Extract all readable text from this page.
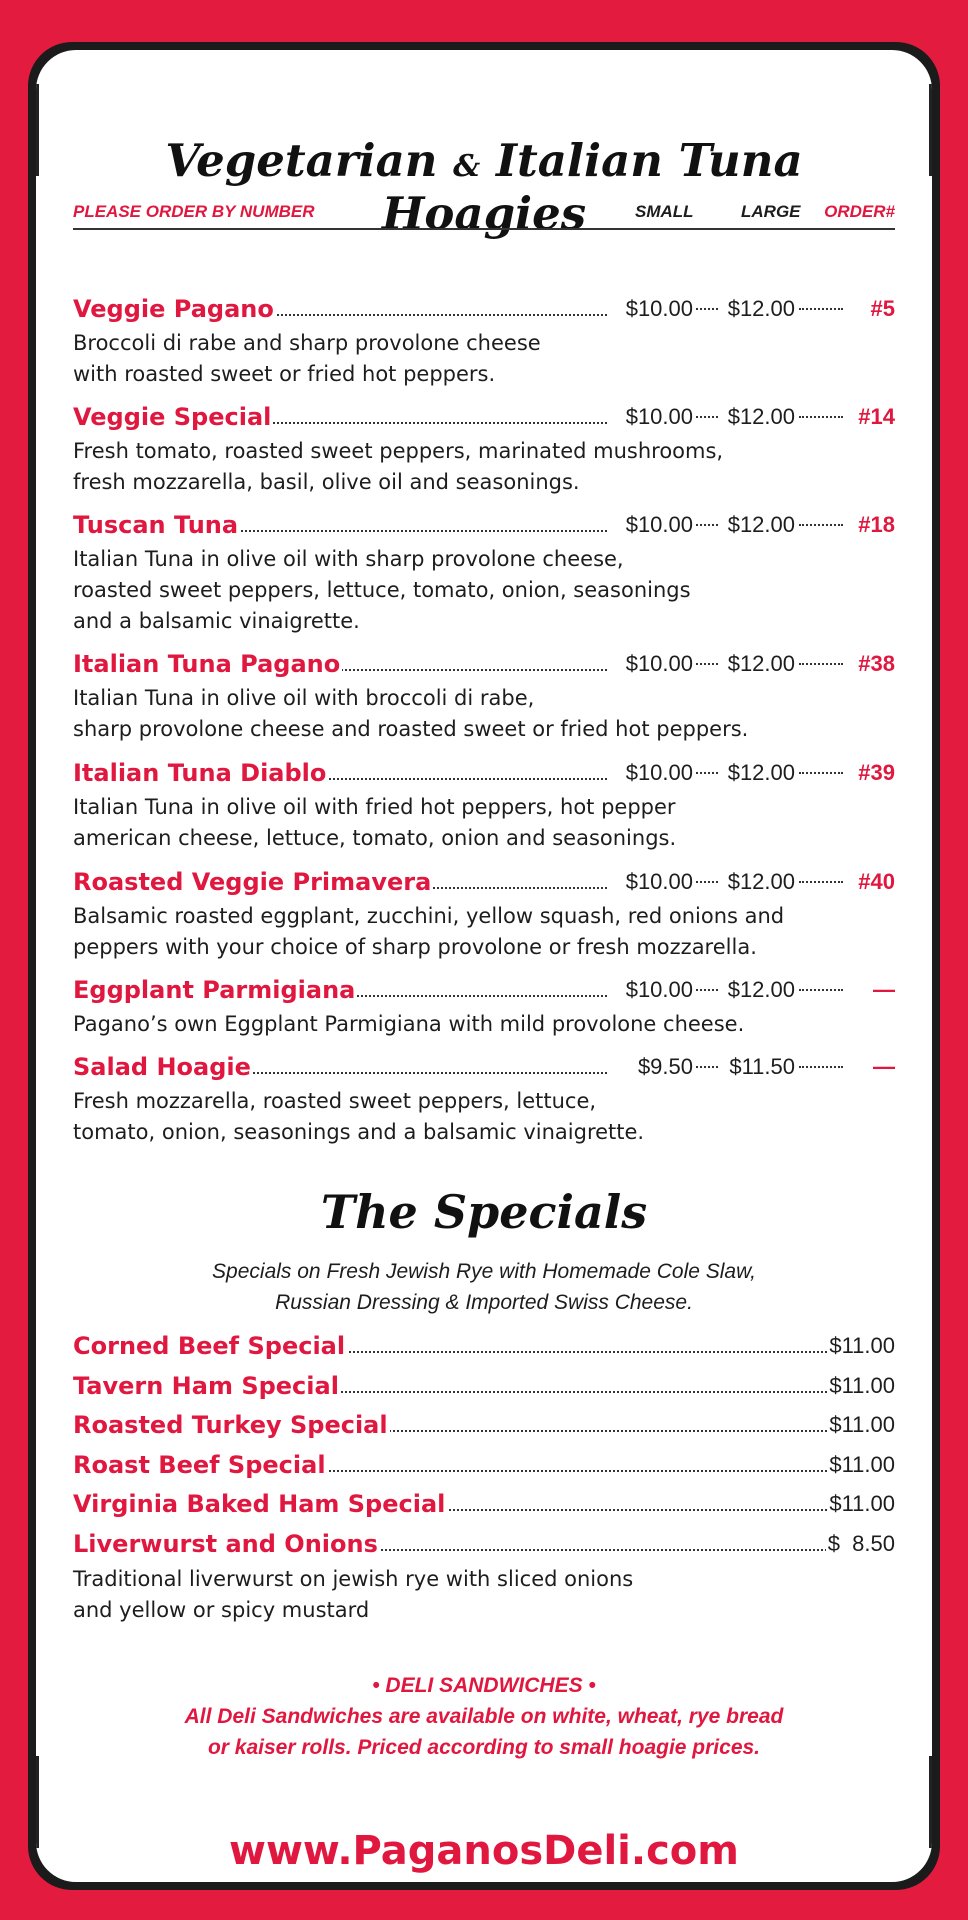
Vegetarian & Italian Tuna Hoagies
PLEASE ORDER BY NUMBER	SMALL	LARGE ORDER#
Veggie Pagano	$10.00 $12.00	#5
Broccoli di rabe and sharp provolone cheese
with roasted sweet or fried hot peppers.
Veggie Special	$10.00 $12.00	#14
Fresh tomato, roasted sweet peppers, marinated mushrooms,
fresh mozzarella, basil, olive oil and seasonings.
Tuscan Tuna	$10.00 $12.00	#18
Italian Tuna in olive oil with sharp provolone cheese,
roasted sweet peppers, lettuce, tomato, onion, seasonings
and a balsamic vinaigrette.
Italian Tuna Pagano	$10.00 $12.00	#38
Italian Tuna in olive oil with broccoli di rabe,
sharp provolone cheese and roasted sweet or fried hot peppers.
Italian Tuna Diablo	$10.00 $12.00	#39
Italian Tuna in olive oil with fried hot peppers, hot pepper
american cheese, lettuce, tomato, onion and seasonings.
Roasted Veggie Primavera	$10.00 $12.00	#40
Balsamic roasted eggplant, zucchini, yellow squash, red onions and
peppers with your choice of sharp provolone or fresh mozzarella.
Eggplant Parmigiana	$10.00 $12.00	—
Pagano’s own Eggplant Parmigiana with mild provolone cheese.
Salad Hoagie	$9.50 $11.50	—
Fresh mozzarella, roasted sweet peppers, lettuce,
tomato, onion, seasonings and a balsamic vinaigrette.
The Specials
Specials on Fresh Jewish Rye with Homemade Cole Slaw,
Russian Dressing & Imported Swiss Cheese.
Corned Beef Special	$11.00
Tavern Ham Special	$11.00
Roasted Turkey Special	$11.00
Roast Beef Special	$11.00
Virginia Baked Ham Special	$11.00
Liverwurst and Onions	$  8.50
Traditional liverwurst on jewish rye with sliced onions
and yellow or spicy mustard
• DELI SANDWICHES •
All Deli Sandwiches are available on white, wheat, rye bread
or kaiser rolls. Priced according to small hoagie prices.
www.PaganosDeli.com
